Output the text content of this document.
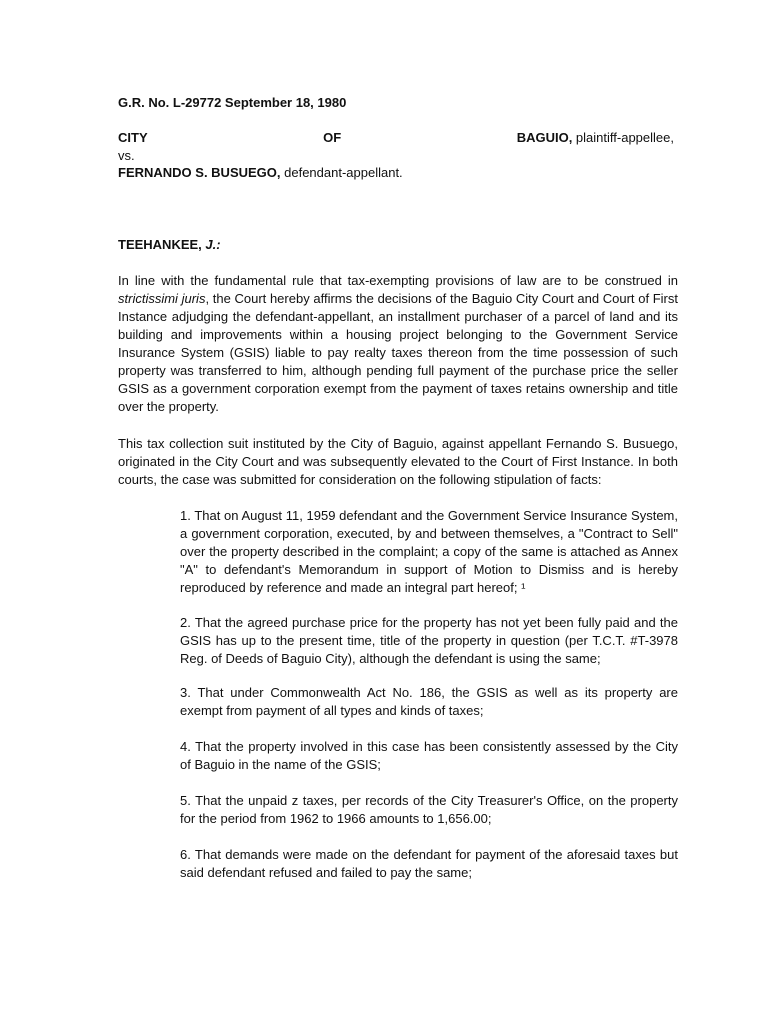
G.R. No. L-29772 September 18, 1980
CITY	OF	BAGUIO, plaintiff-appellee,
vs.
FERNANDO S. BUSUEGO, defendant-appellant.
TEEHANKEE, J.:

In line with the fundamental rule that tax-exempting provisions of law are to be construed in strictissimi juris, the Court hereby affirms the decisions of the Baguio City Court and Court of First Instance adjudging the defendant-appellant, an installment purchaser of a parcel of land and its building and improvements within a housing project belonging to the Government Service Insurance System (GSIS) liable to pay realty taxes thereon from the time possession of such property was transferred to him, although pending full payment of the purchase price the seller GSIS as a government corporation exempt from the payment of taxes retains ownership and title over the property.

This tax collection suit instituted by the City of Baguio, against appellant Fernando S. Busuego, originated in the City Court and was subsequently elevated to the Court of First Instance. In both courts, the case was submitted for consideration on the following stipulation of facts:

1. That on August 11, 1959 defendant and the Government Service Insurance System, a government corporation, executed, by and between themselves, a "Contract to Sell" over the property described in the complaint; a copy of the same is attached as Annex "A" to defendant's Memorandum in support of Motion to Dismiss and is hereby reproduced by reference and made an integral part hereof; ¹

2. That the agreed purchase price for the property has not yet been fully paid and the GSIS has up to the present time, title of the property in question (per T.C.T. #T-3978 Reg. of Deeds of Baguio City), although the defendant is using the same;

3. That under Commonwealth Act No. 186, the GSIS as well as its property are exempt from payment of all types and kinds of taxes;

4. That the property involved in this case has been consistently assessed by the City of Baguio in the name of the GSIS;

5. That the unpaid z taxes, per records of the City Treasurer's Office, on the property for the period from 1962 to 1966 amounts to 1,656.00;

6. That demands were made on the defendant for payment of the aforesaid taxes but said defendant refused and failed to pay the same;
